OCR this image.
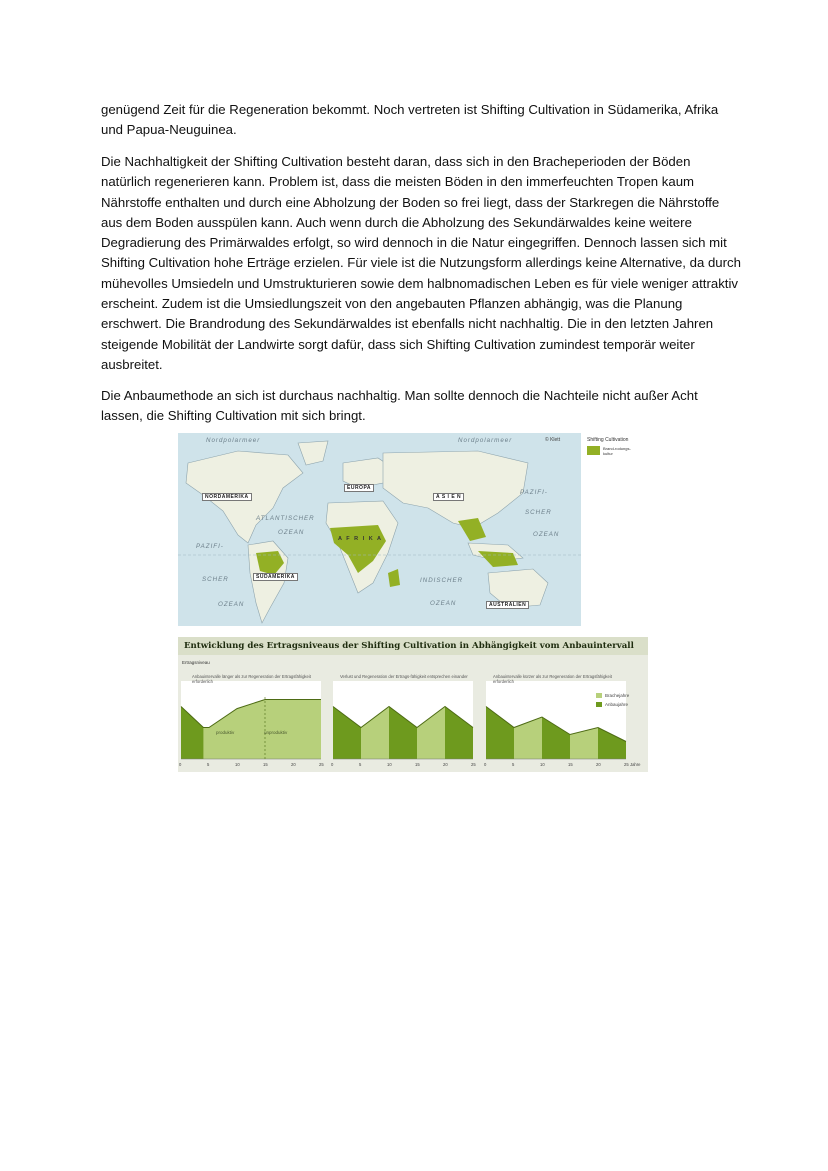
genügend Zeit für die Regeneration bekommt. Noch vertreten ist Shifting Cultivation in Südamerika, Afrika und Papua-Neuguinea.

Die Nachhaltigkeit der Shifting Cultivation besteht daran, dass sich in den Bracheperioden der Böden natürlich regenerieren kann. Problem ist, dass die meisten Böden in den immerfeuchten Tropen kaum Nährstoffe enthalten und durch eine Abholzung der Boden so frei liegt, dass der Starkregen die Nährstoffe aus dem Boden ausspülen kann. Auch wenn durch die Abholzung des Sekundärwaldes keine weitere Degradierung des Primärwaldes erfolgt, so wird dennoch in die Natur eingegriffen. Dennoch lassen sich mit Shifting Cultivation hohe Erträge erzielen. Für viele ist die Nutzungsform allerdings keine Alternative, da durch mühevolles Umsiedeln und Umstrukturieren sowie dem halbnomadischen Leben es für viele weniger attraktiv erscheint. Zudem ist die Umsiedlungszeit von den angebauten Pflanzen abhängig, was die Planung erschwert. Die Brandrodung des Sekundärwaldes ist ebenfalls nicht nachhaltig. Die in den letzten Jahren steigende Mobilität der Landwirte sorgt dafür, dass sich Shifting Cultivation zumindest temporär weiter ausbreitet.

Die Anbaumethode an sich ist durchaus nachhaltig. Man sollte dennoch die Nachteile nicht außer Acht lassen, die Shifting Cultivation mit sich bringt.

Nordpolarmeer	Nordpolarmeer
NORDAMERIKA
EUROPA
A S I E N
A F R I K A
SÜDAMERIKA
AUSTRALIEN
ATLANTISCHER
OZEAN
PAZIFI-
SCHER
OZEAN
PAZIFI-
SCHER
OZEAN
INDISCHER
OZEAN
© Klett	Shifting Cultivation
Brand-rodungs-kultur
Entwicklung des Ertragsniveaus der Shifting Cultivation in Abhängigkeit vom Anbauintervall
Ertragsniveau
Anbauintervalle länger als zur Regeneration der Ertragsfähigkeit erforderlich
Verlust und Regeneration der Ertrags-fähigkeit entsprechen einander	Anbauintervalle kürzer als zur Regeneration der Ertragsfähigkeit erforderlich
produktiv	unproduktiv
0	5	10	15	20	25 0	5	10	15	20	25 0	5	10	15	20	25 Jahre
Brachejahre
Anbaujahre
